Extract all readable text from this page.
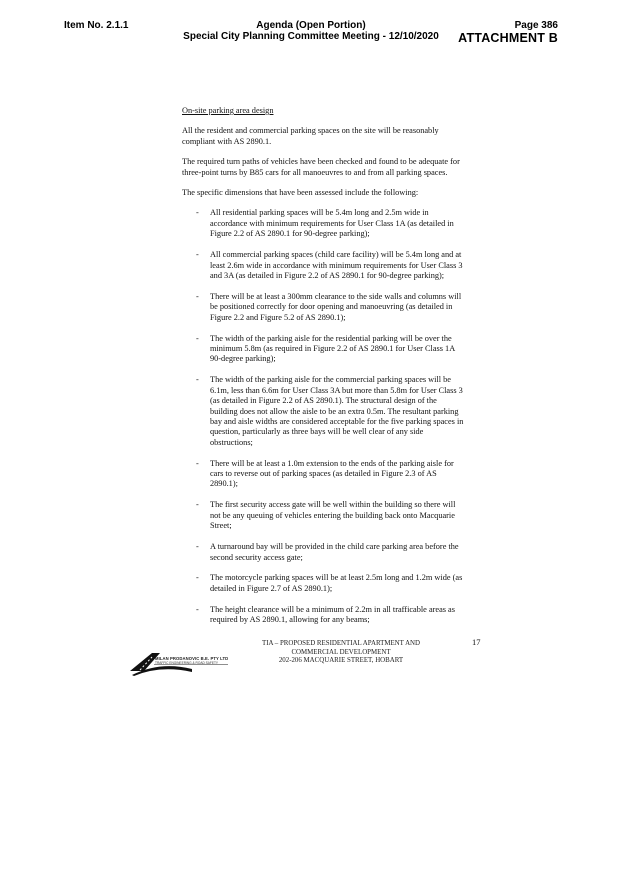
Item No. 2.1.1	Agenda (Open Portion)
Special City Planning Committee Meeting - 12/10/2020
Page 386
ATTACHMENT B
On-site parking area design

All the resident and commercial parking spaces on the site will be reasonably compliant with AS 2890.1.

The required turn paths of vehicles have been checked and found to be adequate for three-point turns by B85 cars for all manoeuvres to and from all parking spaces.

The specific dimensions that have been assessed include the following:

- All residential parking spaces will be 5.4m long and 2.5m wide in accordance with minimum requirements for User Class 1A (as detailed in Figure 2.2 of AS 2890.1 for 90-degree parking);
- All commercial parking spaces (child care facility) will be 5.4m long and at least 2.6m wide in accordance with minimum requirements for User Class 3 and 3A (as detailed in Figure 2.2 of AS 2890.1 for 90-degree parking);
- There will be at least a 300mm clearance to the side walls and columns will be positioned correctly for door opening and manoeuvring (as detailed in Figure 2.2 and Figure 5.2 of AS 2890.1);
- The width of the parking aisle for the residential parking will be over the minimum 5.8m (as required in Figure 2.2 of AS 2890.1 for User Class 1A 90-degree parking);
- The width of the parking aisle for the commercial parking spaces will be 6.1m, less than 6.6m for User Class 3A but more than 5.8m for User Class 3 (as detailed in Figure 2.2 of AS 2890.1). The structural design of the building does not allow the aisle to be an extra 0.5m. The resultant parking bay and aisle widths are considered acceptable for the five parking spaces in question, particularly as three bays will be well clear of any side obstructions;
- There will be at least a 1.0m extension to the ends of the parking aisle for cars to reverse out of parking spaces (as detailed in Figure 2.3 of AS 2890.1);
- The first security access gate will be well within the building so there will not be any queuing of vehicles entering the building back onto Macquarie Street;
- A turnaround bay will be provided in the child care parking area before the second security access gate;
- The motorcycle parking spaces will be at least 2.5m long and 1.2m wide (as detailed in Figure 2.7 of AS 2890.1);
- The height clearance will be a minimum of 2.2m in all trafficable areas as required by AS 2890.1, allowing for any beams;
MILAN PRODANOVIC B.E. PTY LTD
TRAFFIC ENGINEERING & ROAD SAFETY
TIA – PROPOSED RESIDENTIAL APARTMENT AND
COMMERCIAL DEVELOPMENT
202-206 MACQUARIE STREET, HOBART
17
